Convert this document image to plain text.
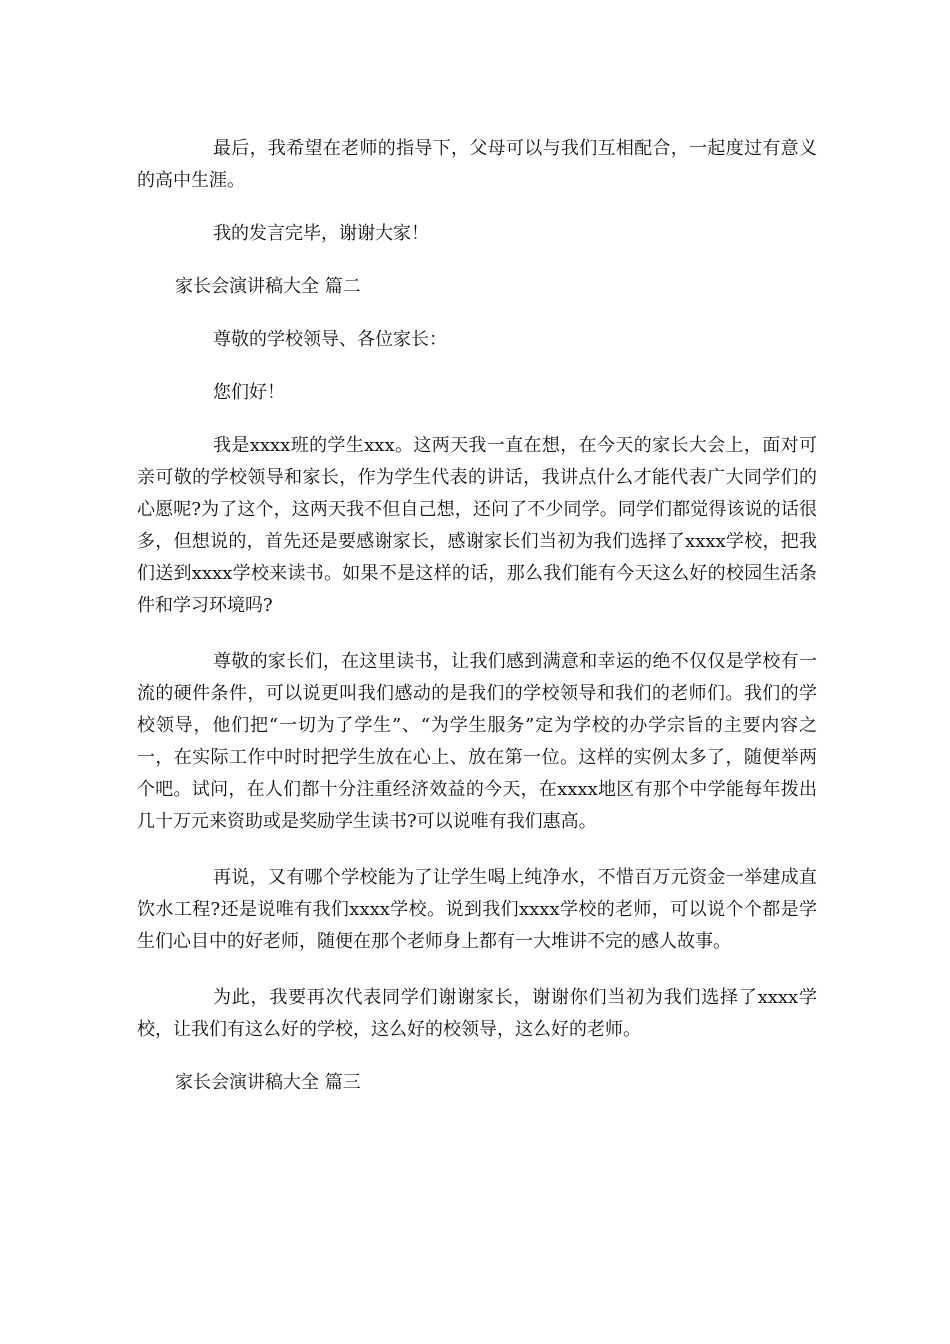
最后，我希望在老师的指导下，父母可以与我们互相配合，一起度过有意义的高中生涯。

我的发言完毕，谢谢大家！

家长会演讲稿大全 篇二

尊敬的学校领导、各位家长：

您们好！

我是xxxx班的学生xxx。这两天我一直在想，在今天的家长大会上，面对可亲可敬的学校领导和家长，作为学生代表的讲话，我讲点什么才能代表广大同学们的心愿呢?为了这个，这两天我不但自己想，还问了不少同学。同学们都觉得该说的话很多，但想说的，首先还是要感谢家长，感谢家长们当初为我们选择了xxxx学校，把我们送到xxxx学校来读书。如果不是这样的话，那么我们能有今天这么好的校园生活条件和学习环境吗?

尊敬的家长们，在这里读书，让我们感到满意和幸运的绝不仅仅是学校有一流的硬件条件，可以说更叫我们感动的是我们的学校领导和我们的老师们。我们的学校领导，他们把“一切为了学生”、“为学生服务”定为学校的办学宗旨的主要内容之一，在实际工作中时时把学生放在心上、放在第一位。这样的实例太多了，随便举两个吧。试问，在人们都十分注重经济效益的今天，在xxxx地区有那个中学能每年拨出几十万元来资助或是奖励学生读书?可以说唯有我们惠高。

再说，又有哪个学校能为了让学生喝上纯净水，不惜百万元资金一举建成直饮水工程?还是说唯有我们xxxx学校。说到我们xxxx学校的老师，可以说个个都是学生们心目中的好老师，随便在那个老师身上都有一大堆讲不完的感人故事。

为此，我要再次代表同学们谢谢家长，谢谢你们当初为我们选择了xxxx学校，让我们有这么好的学校，这么好的校领导，这么好的老师。

家长会演讲稿大全 篇三
